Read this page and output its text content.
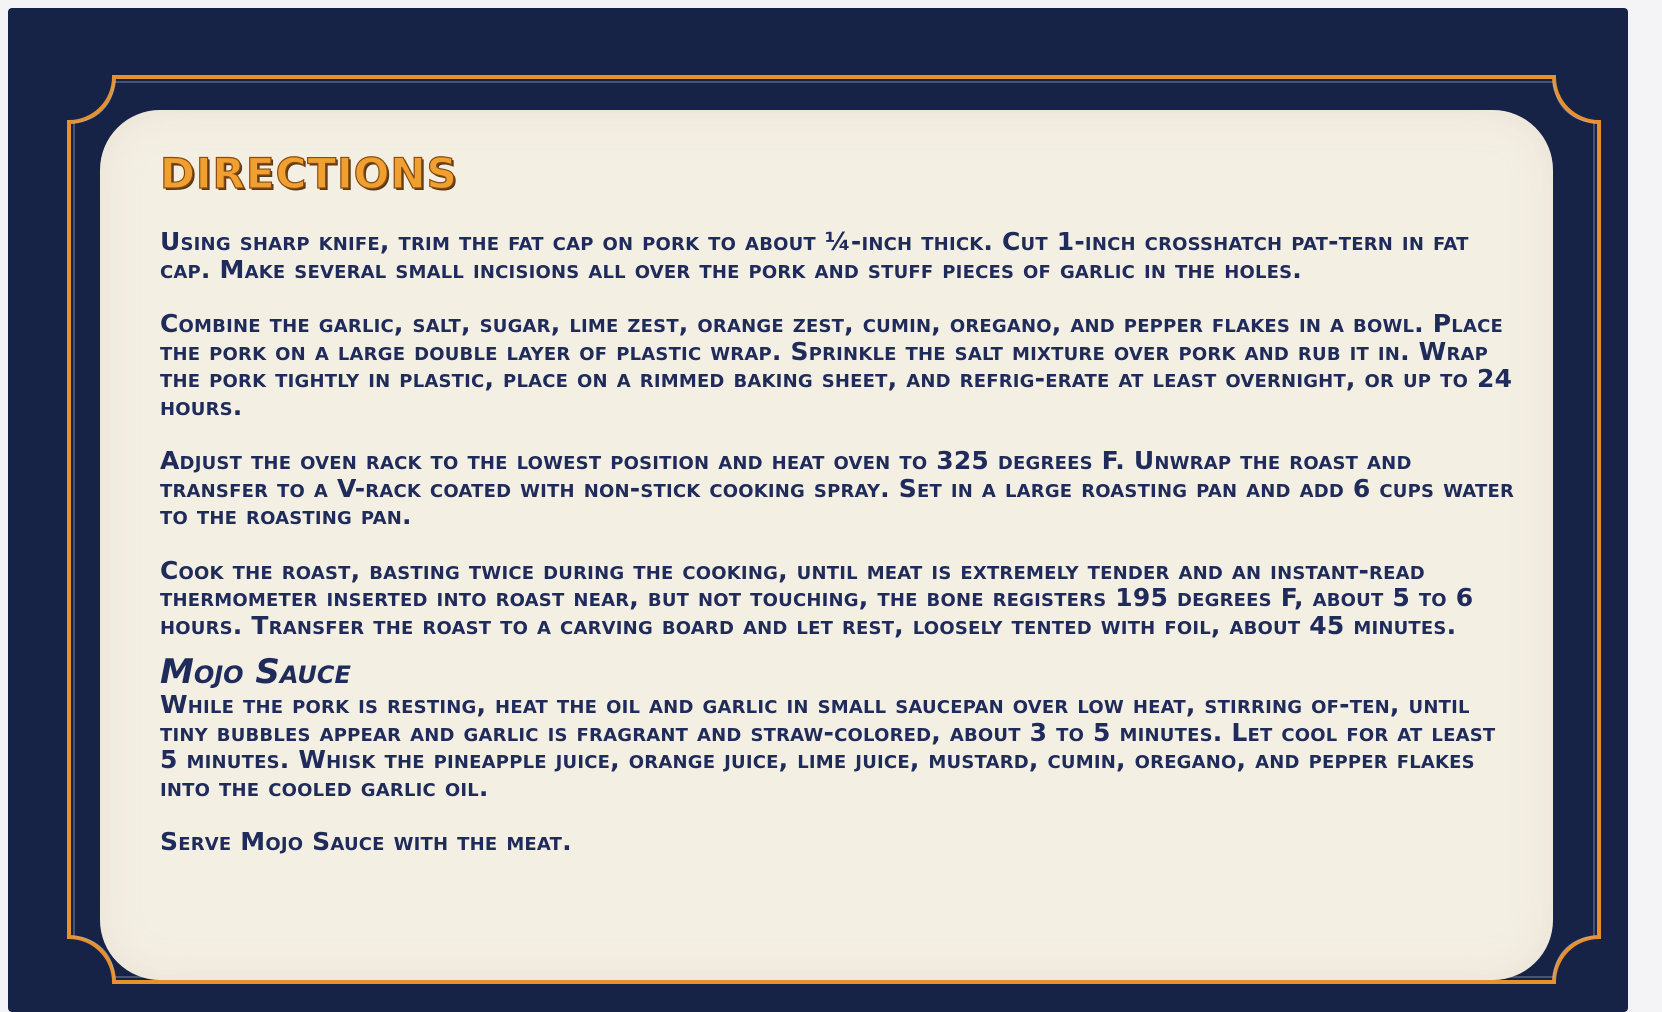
DIRECTIONS

Using sharp knife, trim the fat cap on pork to about ¼-inch thick. Cut 1-inch crosshatch pat-tern in fat cap. Make several small incisions all over the pork and stuff pieces of garlic in the holes.

Combine the garlic, salt, sugar, lime zest, orange zest, cumin, oregano, and pepper flakes in a bowl. Place the pork on a large double layer of plastic wrap. Sprinkle the salt mixture over pork and rub it in. Wrap the pork tightly in plastic, place on a rimmed baking sheet, and refrig-erate at least overnight, or up to 24 hours.

Adjust the oven rack to the lowest position and heat oven to 325 degrees F. Unwrap the roast and transfer to a V-rack coated with non-stick cooking spray. Set in a large roasting pan and add 6 cups water to the roasting pan.

Cook the roast, basting twice during the cooking, until meat is extremely tender and an instant-read thermometer inserted into roast near, but not touching, the bone registers 195 degrees F, about 5 to 6 hours. Transfer the roast to a carving board and let rest, loosely tented with foil, about 45 minutes.

Mojo Sauce

While the pork is resting, heat the oil and garlic in small saucepan over low heat, stirring of-ten, until tiny bubbles appear and garlic is fragrant and straw-colored, about 3 to 5 minutes. Let cool for at least 5 minutes. Whisk the pineapple juice, orange juice, lime juice, mustard, cumin, oregano, and pepper flakes into the cooled garlic oil.

Serve Mojo Sauce with the meat.
